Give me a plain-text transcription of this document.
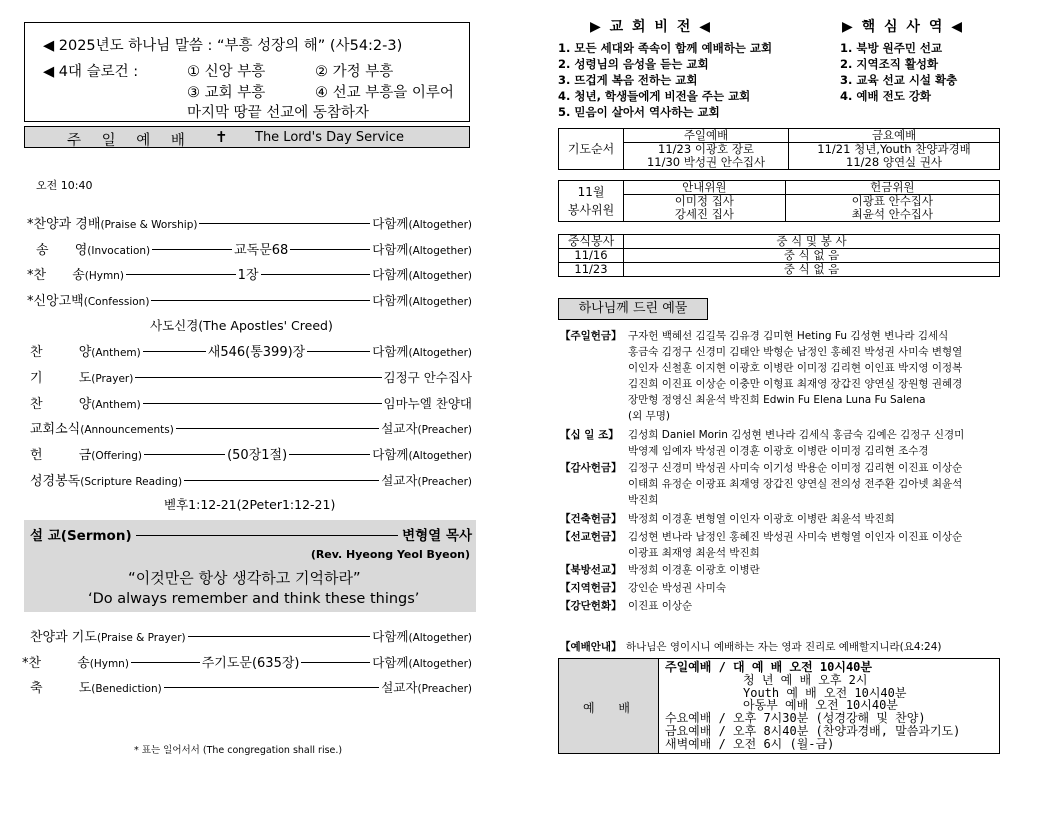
◀ 2025년도 하나님 말씀 : “부흥 성장의 해” (사54:2-3)
◀ 4대 슬로건 :	① 신앙 부흥	② 가정 부흥
③ 교회 부흥	④ 선교 부흥을 이루어
마지막 땅끝 선교에 동참하자
주 일 예 배 ✝ The Lord's Day Service
오전 10:40
* 찬양과 경배 (Praise & Worship)	다함께(Altogether)
송 영 (Invocation)	교독문68	다함께(Altogether)
* 찬 송 (Hymn)	1장	다함께(Altogether)
* 신앙고백 (Confession)	다함께(Altogether)
사도신경(The Apostles' Creed)
찬 양 (Anthem)	새546(통399)장	다함께(Altogether)
기 도 (Prayer)	김정구 안수집사
찬 양 (Anthem)	임마누엘 찬양대
교회소식 (Announcements)	설교자(Preacher)
헌 금 (Offering)	(50장1절)	다함께(Altogether)
성경봉독 (Scripture Reading)	설교자(Preacher)
벧후1:12-21(2Peter1:12-21)
설 교(Sermon)	변형열 목사
(Rev. Hyeong Yeol Byeon)
“이것만은 항상 생각하고 기억하라”
‘Do always remember and think these things’
찬양과 기도 (Praise & Prayer)	다함께(Altogether)
* 찬 송 (Hymn)	주기도문(635장)	다함께(Altogether)
축 도 (Benediction)	설교자(Preacher)
* 표는 일어서서 (The congregation shall rise.)
▶ 교 회 비 전 ◀	▶ 핵 심 사 역 ◀
1. 모든 세대와 족속이 함께 예배하는 교회
2. 성령님의 음성을 듣는 교회
3. 뜨겁게 복음 전하는 교회
4. 청년, 학생들에게 비전을 주는 교회
5. 믿음이 살아서 역사하는 교회
1. 북방 원주민 선교
2. 지역조직 활성화
3. 교육 선교 시설 확충
4. 예배 전도 강화
기도순서	주일예배	금요예배
	11/23 이광호 장로	11/21 청년,Youth 찬양과경배
	11/30 박성권 안수집사	11/28 양연실 권사
11월
봉사위원	안내위원	헌금위원
	이미정 집사	이광표 안수집사
	강세진 집사	최윤석 안수집사
중식봉사	중 식 및 봉 사
11/16	중 식 없 음
11/23	중 식 없 음
하나님께 드린 예물
【주일헌금】 구자헌 백혜선 김길묵 김유경 김미현 Heting Fu 김성현 변나라 김세식
홍금숙 김정구 신경미 김태안 박형순 남정인 홍혜진 박성권 사미숙 변형열
이인자 신철훈 이지현 이광호 이병란 이미정 김리현 이인표 박지영 이정복
김진희 이진표 이상순 이충만 이형표 최재영 장갑진 양연실 장원형 권혜경
장만형 정영신 최윤석 박진희 Edwin Fu Elena Luna Fu Salena
(외 무명)
【십 일 조】 김성희 Daniel Morin 김성현 변나라 김세식 홍금숙 김예은 김정구 신경미
박영제 임예자 박성권 이경훈 이광호 이병란 이미정 김리현 조수경
【감사헌금】 김정구 신경미 박성권 사미숙 이기성 박용순 이미정 김리현 이진표 이상순
이태희 유정순 이광표 최재영 장갑진 양연실 전의성 전주환 김아넷 최윤석
박진희
【건축헌금】 박정희 이경훈 변형열 이인자 이광호 이병란 최윤석 박진희
【선교헌금】 김성현 변나라 남정인 홍혜진 박성권 사미숙 변형열 이인자 이진표 이상순
이광표 최재영 최윤석 박진희
【북방선교】 박정희 이경훈 이광호 이병란
【지역헌금】 강인순 박성권 사미숙
【강단헌화】 이진표 이상순
【예배안내】 하나님은 영이시니 예배하는 자는 영과 진리로 예배할지니라(요4:24)
예 배
주일예배 / 대 예 배 오전 10시40분
청 년 예 배 오후 2시
Youth 예 배 오전 10시40분
아동부 예배 오전 10시40분
수요예배 / 오후 7시30분 (성경강해 및 찬양)
금요예배 / 오후 8시40분 (찬양과경배, 말씀과기도)
새벽예배 / 오전 6시 (월-금)
